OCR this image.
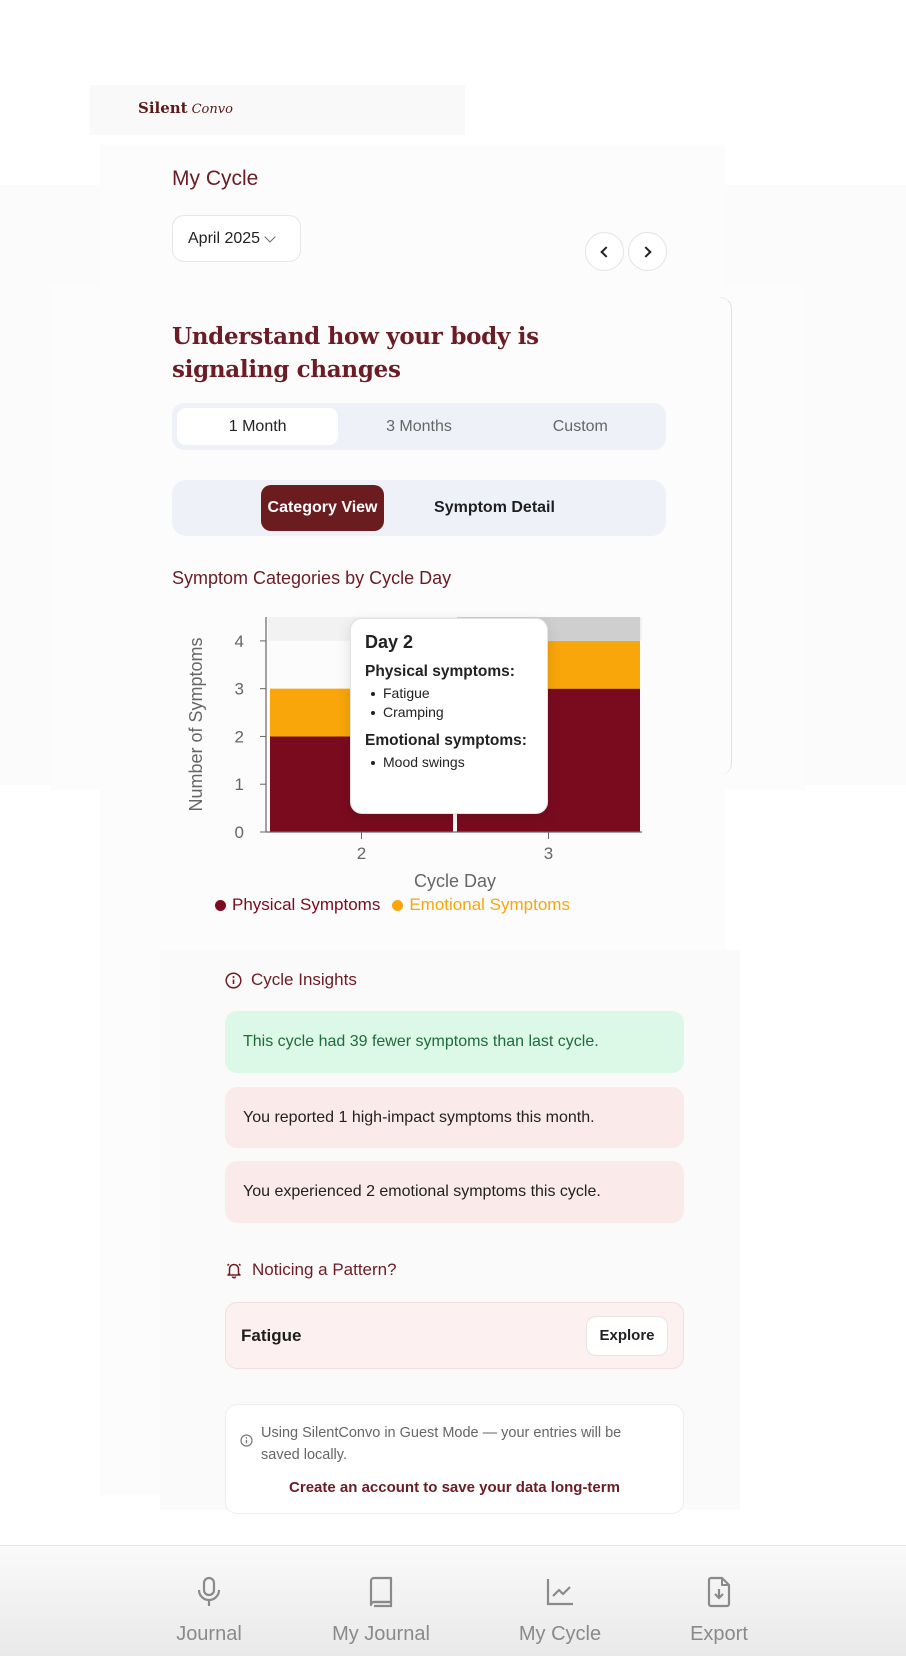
Silent Convo
My Cycle
April 2025
Understand how your body is signaling changes
1 Month	3 Months	Custom
Category View	Symptom Detail
Symptom Categories by Cycle Day
0
1
2
3
4
2	3
Cycle Day
Number of Symptoms	Day 2
Physical symptoms:
Fatigue
Cramping
Emotional symptoms:
Mood swings
Physical Symptoms Emotional Symptoms
Cycle Insights
This cycle had 39 fewer symptoms than last cycle.
You reported 1 high-impact symptoms this month.
You experienced 2 emotional symptoms this cycle.
Noticing a Pattern?
Fatigue	Explore
Using SilentConvo in Guest Mode — your entries will be saved locally.
Create an account to save your data long-term
Journal	My Journal	My Cycle	Export
